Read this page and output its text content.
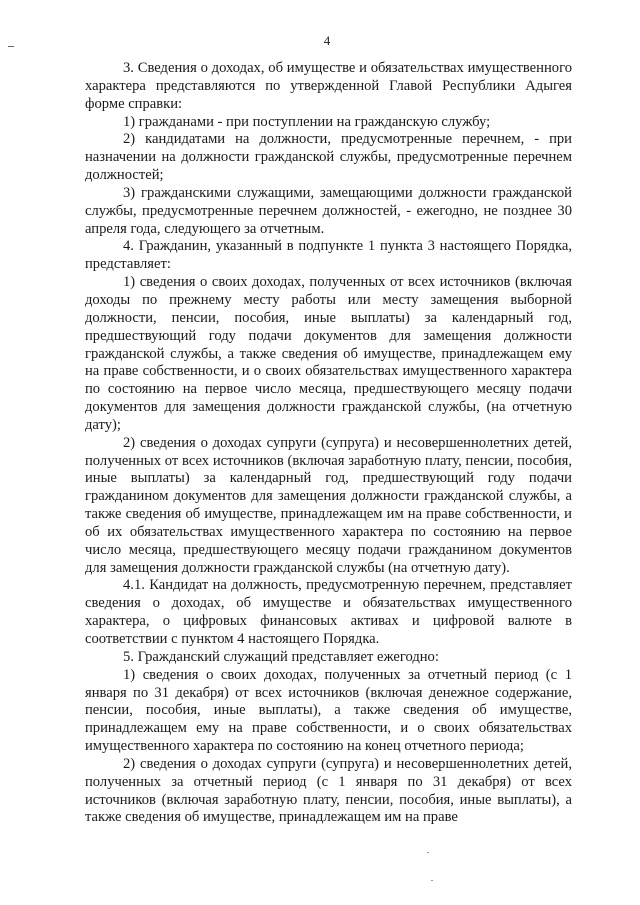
4

3. Сведения о доходах, об имуществе и обязательствах имущественного характера представляются по утвержденной Главой Республики Адыгея форме справки:

1) гражданами - при поступлении на гражданскую службу;

2) кандидатами на должности, предусмотренные перечнем, - при назначении на должности гражданской службы, предусмотренные перечнем должностей;

3) гражданскими служащими, замещающими должности гражданской службы, предусмотренные перечнем должностей, - ежегодно, не позднее 30 апреля года, следующего за отчетным.

4. Гражданин, указанный в подпункте 1 пункта 3 настоящего Порядка, представляет:

1) сведения о своих доходах, полученных от всех источников (включая доходы по прежнему месту работы или месту замещения выборной должности, пенсии, пособия, иные выплаты) за календарный год, предшествующий году подачи документов для замещения должности гражданской службы, а также сведения об имуществе, принадлежащем ему на праве собственности, и о своих обязательствах имущественного характера по состоянию на первое число месяца, предшествующего месяцу подачи документов для замещения должности гражданской службы, (на отчетную дату);

2) сведения о доходах супруги (супруга) и несовершеннолетних детей, полученных от всех источников (включая заработную плату, пенсии, пособия, иные выплаты) за календарный год, предшествующий году подачи гражданином документов для замещения должности гражданской службы, а также сведения об имуществе, принадлежащем им на праве собственности, и об их обязательствах имущественного характера по состоянию на первое число месяца, предшествующего месяцу подачи гражданином документов для замещения должности гражданской службы (на отчетную дату).

4.1. Кандидат на должность, предусмотренную перечнем, представляет сведения о доходах, об имуществе и обязательствах имущественного характера, о цифровых финансовых активах и цифровой валюте в соответствии с пунктом 4 настоящего Порядка.

5. Гражданский служащий представляет ежегодно:

1) сведения о своих доходах, полученных за отчетный период (с 1 января по 31 декабря) от всех источников (включая денежное содержание, пенсии, пособия, иные выплаты), а также сведения об имуществе, принадлежащем ему на праве собственности, и о своих обязательствах имущественного характера по состоянию на конец отчетного периода;

2) сведения о доходах супруги (супруга) и несовершеннолетних детей, полученных за отчетный период (с 1 января по 31 декабря) от всех источников (включая заработную плату, пенсии, пособия, иные выплаты), а также сведения об имуществе, принадлежащем им на праве
